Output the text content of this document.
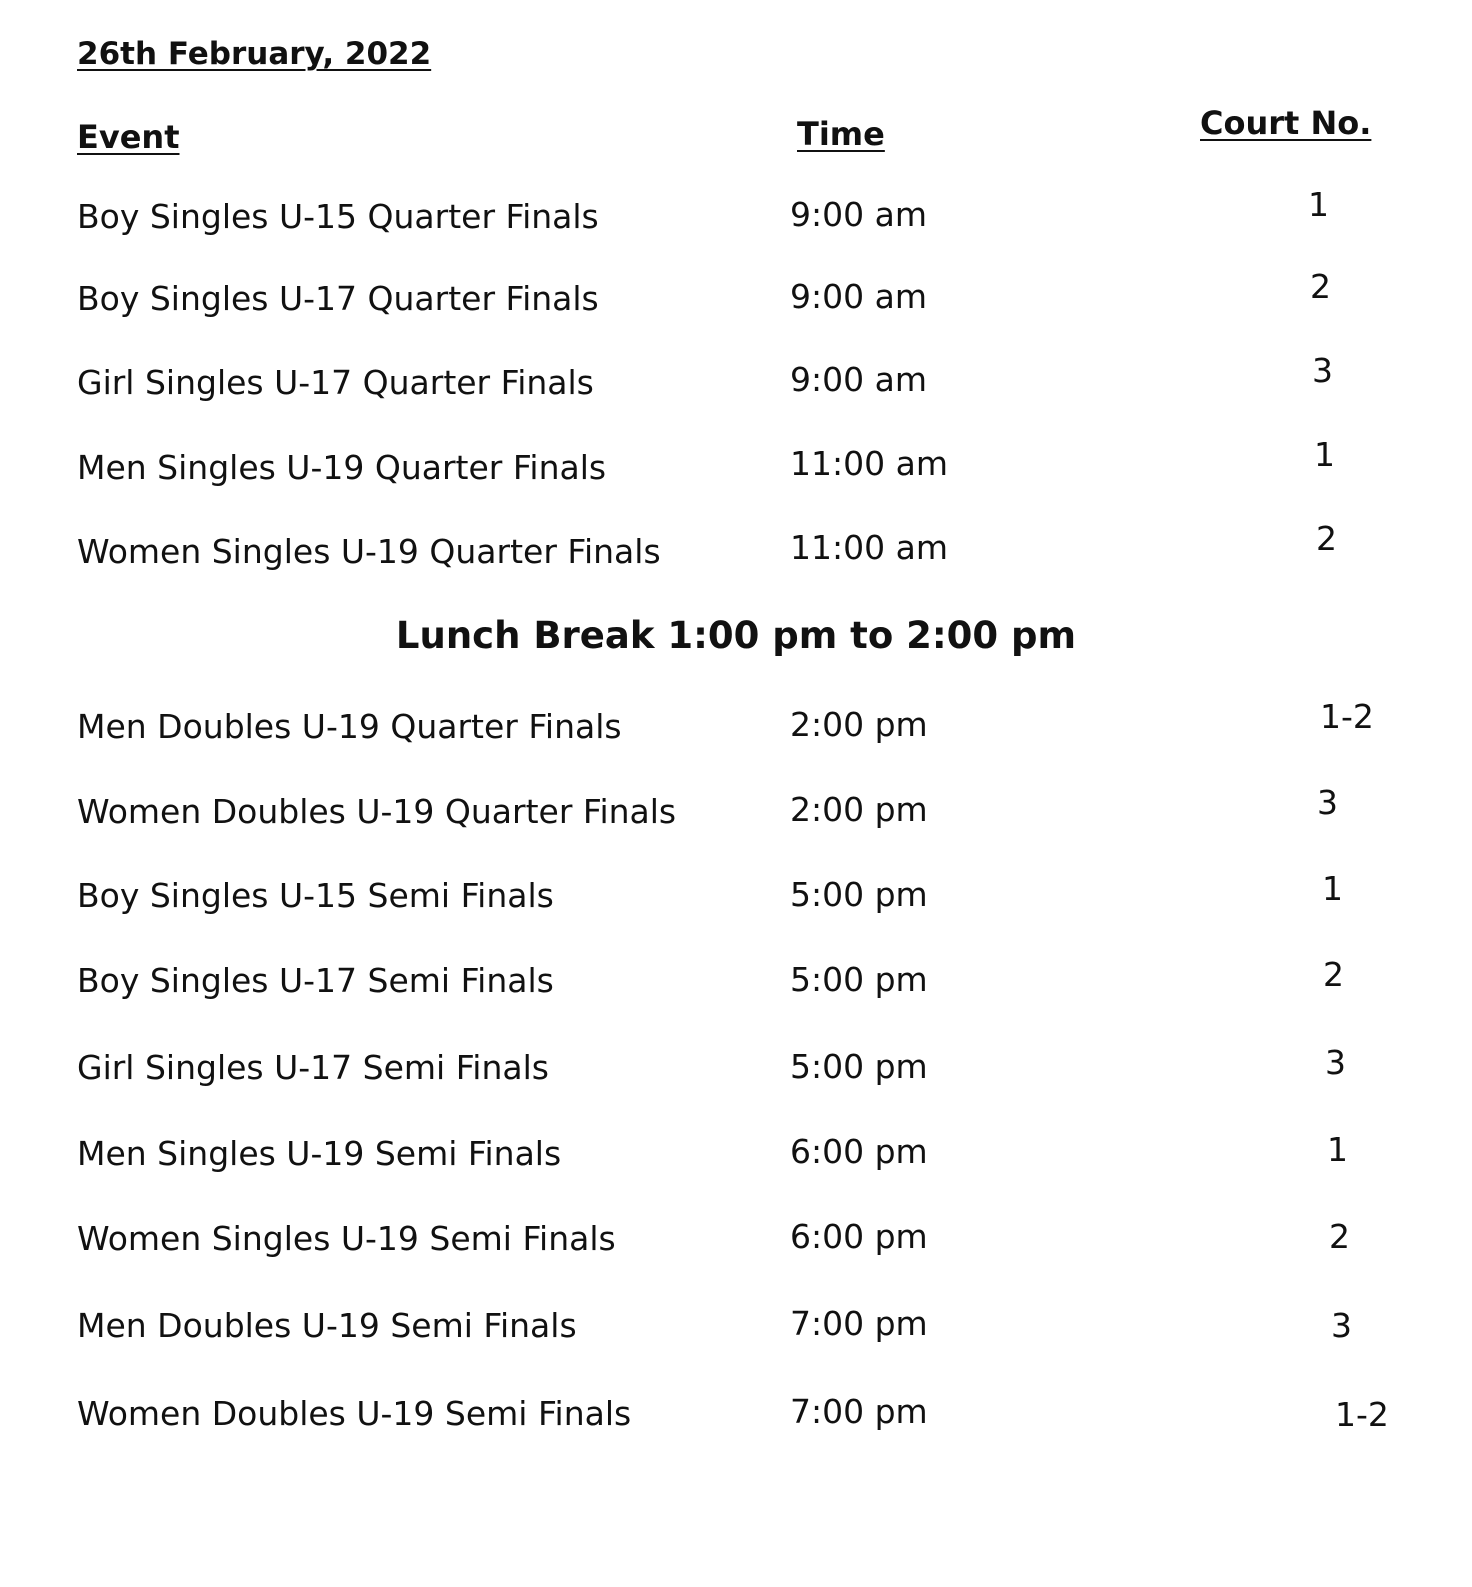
26th February, 2022
Event	Time	Court No.
Boy Singles U-15 Quarter Finals	9:00 am	1
Boy Singles U-17 Quarter Finals	9:00 am	2
Girl Singles U-17 Quarter Finals	9:00 am	3
Men Singles U-19 Quarter Finals	11:00 am	1
Women Singles U-19 Quarter Finals	11:00 am	2
Lunch Break 1:00 pm to 2:00 pm
Men Doubles U-19 Quarter Finals	2:00 pm	1-2
Women Doubles U-19 Quarter Finals	2:00 pm	3
Boy Singles U-15 Semi Finals	5:00 pm	1
Boy Singles U-17 Semi Finals	5:00 pm	2
Girl Singles U-17 Semi Finals	5:00 pm	3
Men Singles U-19 Semi Finals	6:00 pm	1
Women Singles U-19 Semi Finals	6:00 pm	2
Men Doubles U-19 Semi Finals	7:00 pm	3
Women Doubles U-19 Semi Finals	7:00 pm	1-2
